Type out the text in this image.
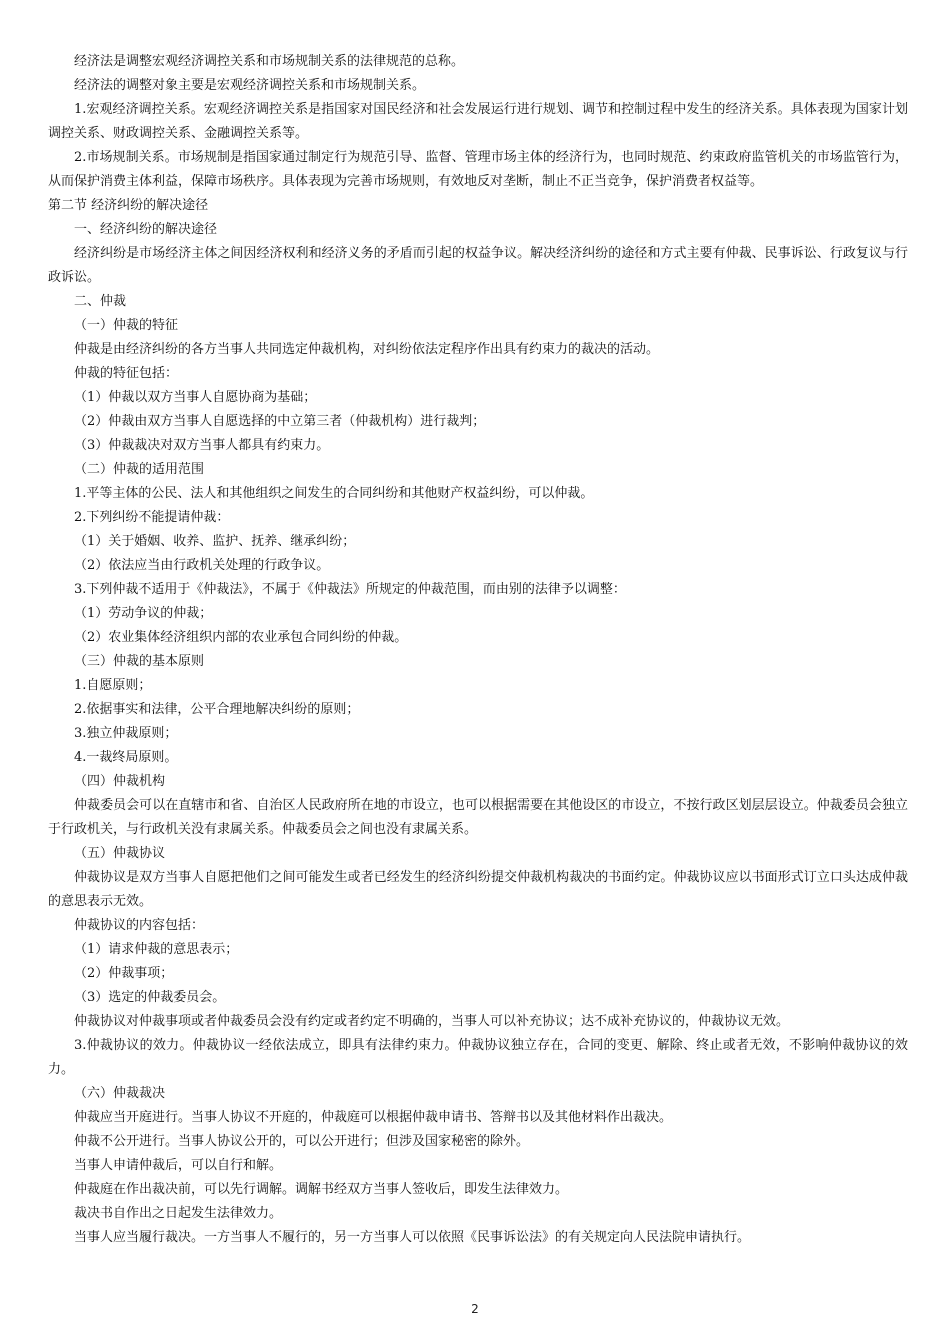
经济法是调整宏观经济调控关系和市场规制关系的法律规范的总称。

经济法的调整对象主要是宏观经济调控关系和市场规制关系。

1.宏观经济调控关系。宏观经济调控关系是指国家对国民经济和社会发展运行进行规划、调节和控制过程中发生的经济关系。具体表现为国家计划调控关系、财政调控关系、金融调控关系等。

2.市场规制关系。市场规制是指国家通过制定行为规范引导、监督、管理市场主体的经济行为，也同时规范、约束政府监管机关的市场监管行为，从而保护消费主体利益，保障市场秩序。具体表现为完善市场规则，有效地反对垄断，制止不正当竞争，保护消费者权益等。

第二节 经济纠纷的解决途径

一、经济纠纷的解决途径

经济纠纷是市场经济主体之间因经济权利和经济义务的矛盾而引起的权益争议。解决经济纠纷的途径和方式主要有仲裁、民事诉讼、行政复议与行政诉讼。

二、仲裁

（一）仲裁的特征

仲裁是由经济纠纷的各方当事人共同选定仲裁机构，对纠纷依法定程序作出具有约束力的裁决的活动。

仲裁的特征包括：

（1）仲裁以双方当事人自愿协商为基础；

（2）仲裁由双方当事人自愿选择的中立第三者（仲裁机构）进行裁判；

（3）仲裁裁决对双方当事人都具有约束力。

（二）仲裁的适用范围

1.平等主体的公民、法人和其他组织之间发生的合同纠纷和其他财产权益纠纷，可以仲裁。

2.下列纠纷不能提请仲裁：

（1）关于婚姻、收养、监护、抚养、继承纠纷；

（2）依法应当由行政机关处理的行政争议。

3.下列仲裁不适用于《仲裁法》，不属于《仲裁法》所规定的仲裁范围，而由别的法律予以调整：

（1）劳动争议的仲裁；

（2）农业集体经济组织内部的农业承包合同纠纷的仲裁。

（三）仲裁的基本原则

1.自愿原则；

2.依据事实和法律，公平合理地解决纠纷的原则；

3.独立仲裁原则；

4.一裁终局原则。

（四）仲裁机构

仲裁委员会可以在直辖市和省、自治区人民政府所在地的市设立，也可以根据需要在其他设区的市设立，不按行政区划层层设立。仲裁委员会独立于行政机关，与行政机关没有隶属关系。仲裁委员会之间也没有隶属关系。

（五）仲裁协议

仲裁协议是双方当事人自愿把他们之间可能发生或者已经发生的经济纠纷提交仲裁机构裁决的书面约定。仲裁协议应以书面形式订立口头达成仲裁的意思表示无效。

仲裁协议的内容包括：

（1）请求仲裁的意思表示；

（2）仲裁事项；

（3）选定的仲裁委员会。

仲裁协议对仲裁事项或者仲裁委员会没有约定或者约定不明确的，当事人可以补充协议；达不成补充协议的，仲裁协议无效。

3.仲裁协议的效力。仲裁协议一经依法成立，即具有法律约束力。仲裁协议独立存在，合同的变更、解除、终止或者无效，不影响仲裁协议的效力。

（六）仲裁裁决

仲裁应当开庭进行。当事人协议不开庭的，仲裁庭可以根据仲裁申请书、答辩书以及其他材料作出裁决。

仲裁不公开进行。当事人协议公开的，可以公开进行；但涉及国家秘密的除外。

当事人申请仲裁后，可以自行和解。

仲裁庭在作出裁决前，可以先行调解。调解书经双方当事人签收后，即发生法律效力。

裁决书自作出之日起发生法律效力。

当事人应当履行裁决。一方当事人不履行的，另一方当事人可以依照《民事诉讼法》的有关规定向人民法院申请执行。

2
